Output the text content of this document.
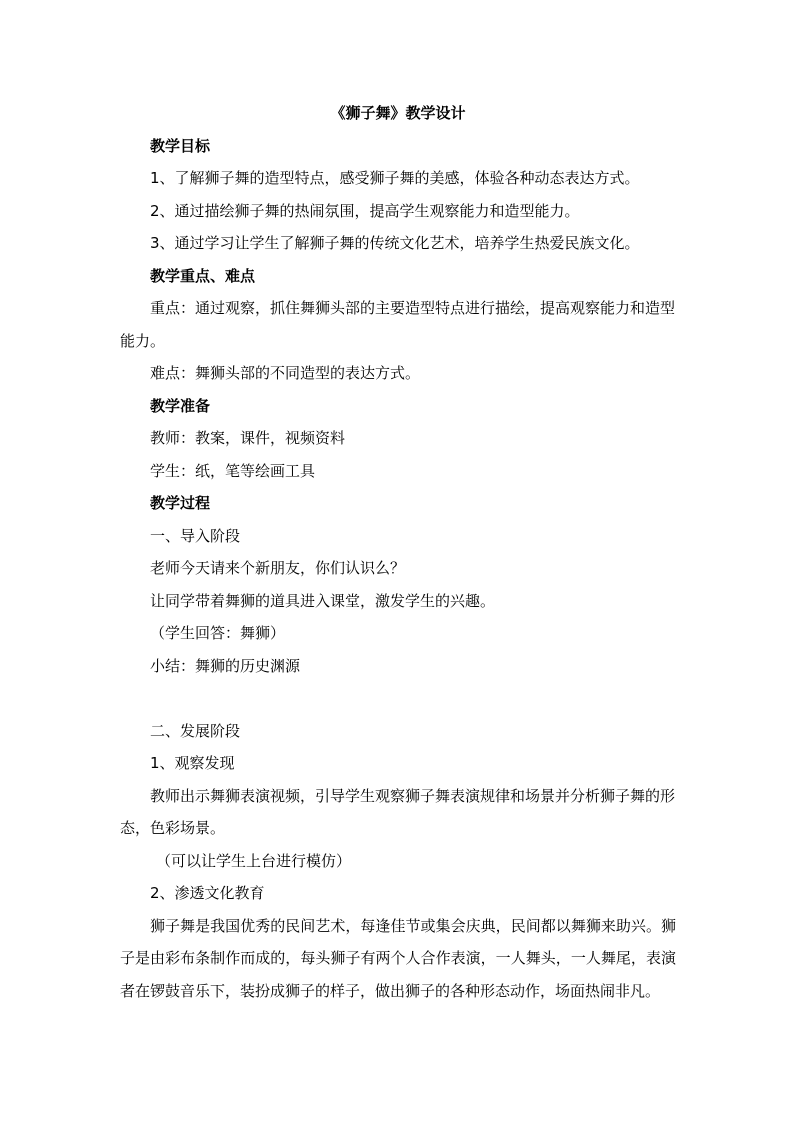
《狮子舞》教学设计
教学目标
1、了解狮子舞的造型特点，感受狮子舞的美感，体验各种动态表达方式。
2、通过描绘狮子舞的热闹氛围，提高学生观察能力和造型能力。
3、通过学习让学生了解狮子舞的传统文化艺术，培养学生热爱民族文化。
教学重点、难点
重点：通过观察，抓住舞狮头部的主要造型特点进行描绘，提高观察能力和造型能力。
难点：舞狮头部的不同造型的表达方式。
教学准备
教师：教案，课件，视频资料
学生：纸，笔等绘画工具
教学过程
一、导入阶段
老师今天请来个新朋友，你们认识么？
让同学带着舞狮的道具进入课堂，激发学生的兴趣。
（学生回答：舞狮）
小结：舞狮的历史渊源
二、发展阶段
1、观察发现
教师出示舞狮表演视频，引导学生观察狮子舞表演规律和场景并分析狮子舞的形态，色彩场景。
（可以让学生上台进行模仿）
2、渗透文化教育
狮子舞是我国优秀的民间艺术，每逢佳节或集会庆典，民间都以舞狮来助兴。狮子是由彩布条制作而成的，每头狮子有两个人合作表演，一人舞头，一人舞尾，表演者在锣鼓音乐下，装扮成狮子的样子，做出狮子的各种形态动作，场面热闹非凡。
